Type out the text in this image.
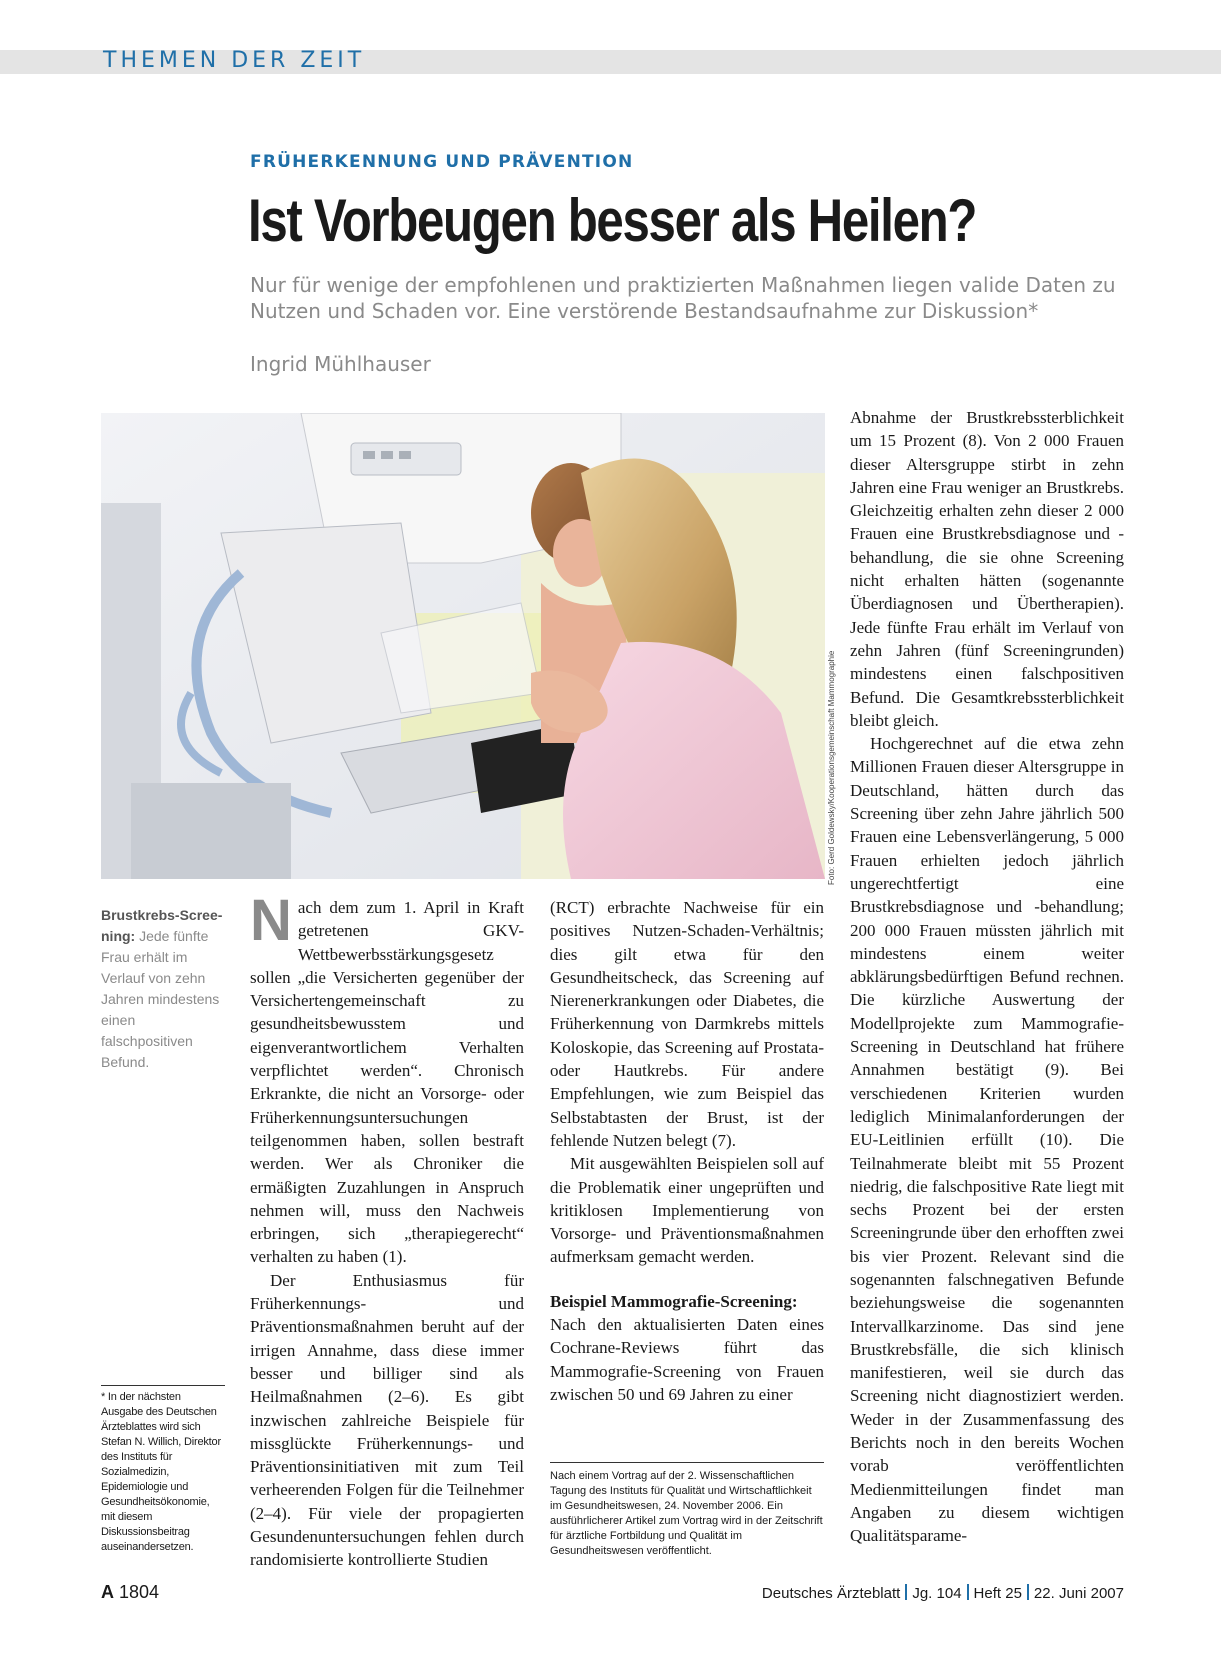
THEMEN DER ZEIT
FRÜHERKENNUNG UND PRÄVENTION
Ist Vorbeugen besser als Heilen?

Nur für wenige der empfohlenen und praktizierten Maßnahmen liegen valide Daten zu Nutzen und Schaden vor. Eine verstörende Bestandsaufnahme zur Diskussion*

Ingrid Mühlhauser
Foto: Gerd Goldewsky/Kooperationsgemeinschaft Mammographie
Brustkrebs-Scree-ning: Jede fünfte Frau erhält im Verlauf von zehn Jahren mindestens einen falschpositiven Befund.
* In der nächsten Ausgabe des Deutschen Ärzteblattes wird sich Stefan N. Willich, Direktor des Instituts für Sozialmedizin, Epidemiologie und Gesundheitsökonomie, mit diesem Diskussionsbeitrag auseinandersetzen.

Nach dem zum 1. April in Kraft getretenen GKV-Wettbewerbsstärkungsgesetz sollen „die Versicherten gegenüber der Versichertengemeinschaft zu gesundheitsbewusstem und eigenverantwortlichem Verhalten verpflichtet werden“. Chronisch Erkrankte, die nicht an Vorsorge- oder Früherkennungsuntersuchungen teilgenommen haben, sollen bestraft werden. Wer als Chroniker die ermäßigten Zuzahlungen in Anspruch nehmen will, muss den Nachweis erbringen, sich „therapiegerecht“ verhalten zu haben (1).

Der Enthusiasmus für Früherkennungs- und Präventionsmaßnahmen beruht auf der irrigen Annahme, dass diese immer besser und billiger sind als Heilmaßnahmen (2–6). Es gibt inzwischen zahlreiche Beispiele für missglückte Früherkennungs- und Präventionsinitiativen mit zum Teil verheerenden Folgen für die Teilnehmer (2–4). Für viele der propagierten Gesundenuntersuchungen fehlen durch randomisierte kontrollierte Studien

(RCT) erbrachte Nachweise für ein positives Nutzen-Schaden-Verhältnis; dies gilt etwa für den Gesundheitscheck, das Screening auf Nierenerkrankungen oder Diabetes, die Früherkennung von Darmkrebs mittels Koloskopie, das Screening auf Prostata- oder Hautkrebs. Für andere Empfehlungen, wie zum Beispiel das Selbstabtasten der Brust, ist der fehlende Nutzen belegt (7).

Mit ausgewählten Beispielen soll auf die Problematik einer ungeprüften und kritiklosen Implementierung von Vorsorge- und Präventionsmaßnahmen aufmerksam gemacht werden.

Beispiel Mammografie-Screening:

Nach den aktualisierten Daten eines Cochrane-Reviews führt das Mammografie-Screening von Frauen zwischen 50 und 69 Jahren zu einer

Nach einem Vortrag auf der 2. Wissenschaftlichen Tagung des Instituts für Qualität und Wirtschaftlichkeit im Gesundheitswesen, 24. November 2006. Ein ausführlicherer Artikel zum Vortrag wird in der Zeitschrift für ärztliche Fortbildung und Qualität im Gesundheitswesen veröffentlicht.

Abnahme der Brustkrebssterblichkeit um 15 Prozent (8). Von 2 000 Frauen dieser Altersgruppe stirbt in zehn Jahren eine Frau weniger an Brustkrebs. Gleichzeitig erhalten zehn dieser 2 000 Frauen eine Brustkrebsdiagnose und -behandlung, die sie ohne Screening nicht erhalten hätten (sogenannte Überdiagnosen und Übertherapien). Jede fünfte Frau erhält im Verlauf von zehn Jahren (fünf Screeningrunden) mindestens einen falschpositiven Befund. Die Gesamtkrebssterblichkeit bleibt gleich.

Hochgerechnet auf die etwa zehn Millionen Frauen dieser Altersgruppe in Deutschland, hätten durch das Screening über zehn Jahre jährlich 500 Frauen eine Lebensverlängerung, 5 000 Frauen erhielten jedoch jährlich ungerechtfertigt eine Brustkrebsdiagnose und -behandlung; 200 000 Frauen müssten jährlich mit mindestens einem weiter abklärungsbedürftigen Befund rechnen. Die kürzliche Auswertung der Modellprojekte zum Mammografie-Screening in Deutschland hat frühere Annahmen bestätigt (9). Bei verschiedenen Kriterien wurden lediglich Minimalanforderungen der EU-Leitlinien erfüllt (10). Die Teilnahmerate bleibt mit 55 Prozent niedrig, die falschpositive Rate liegt mit sechs Prozent bei der ersten Screeningrunde über den erhofften zwei bis vier Prozent. Relevant sind die sogenannten falschnegativen Befunde beziehungsweise die sogenannten Intervallkarzinome. Das sind jene Brustkrebsfälle, die sich klinisch manifestieren, weil sie durch das Screening nicht diagnostiziert werden. Weder in der Zusammenfassung des Berichts noch in den bereits Wochen vorab veröffentlichten Medienmitteilungen findet man Angaben zu diesem wichtigen Qualitätsparame-

A 1804	Deutsches Ärzteblatt Jg. 104 Heft 25 22. Juni 2007
